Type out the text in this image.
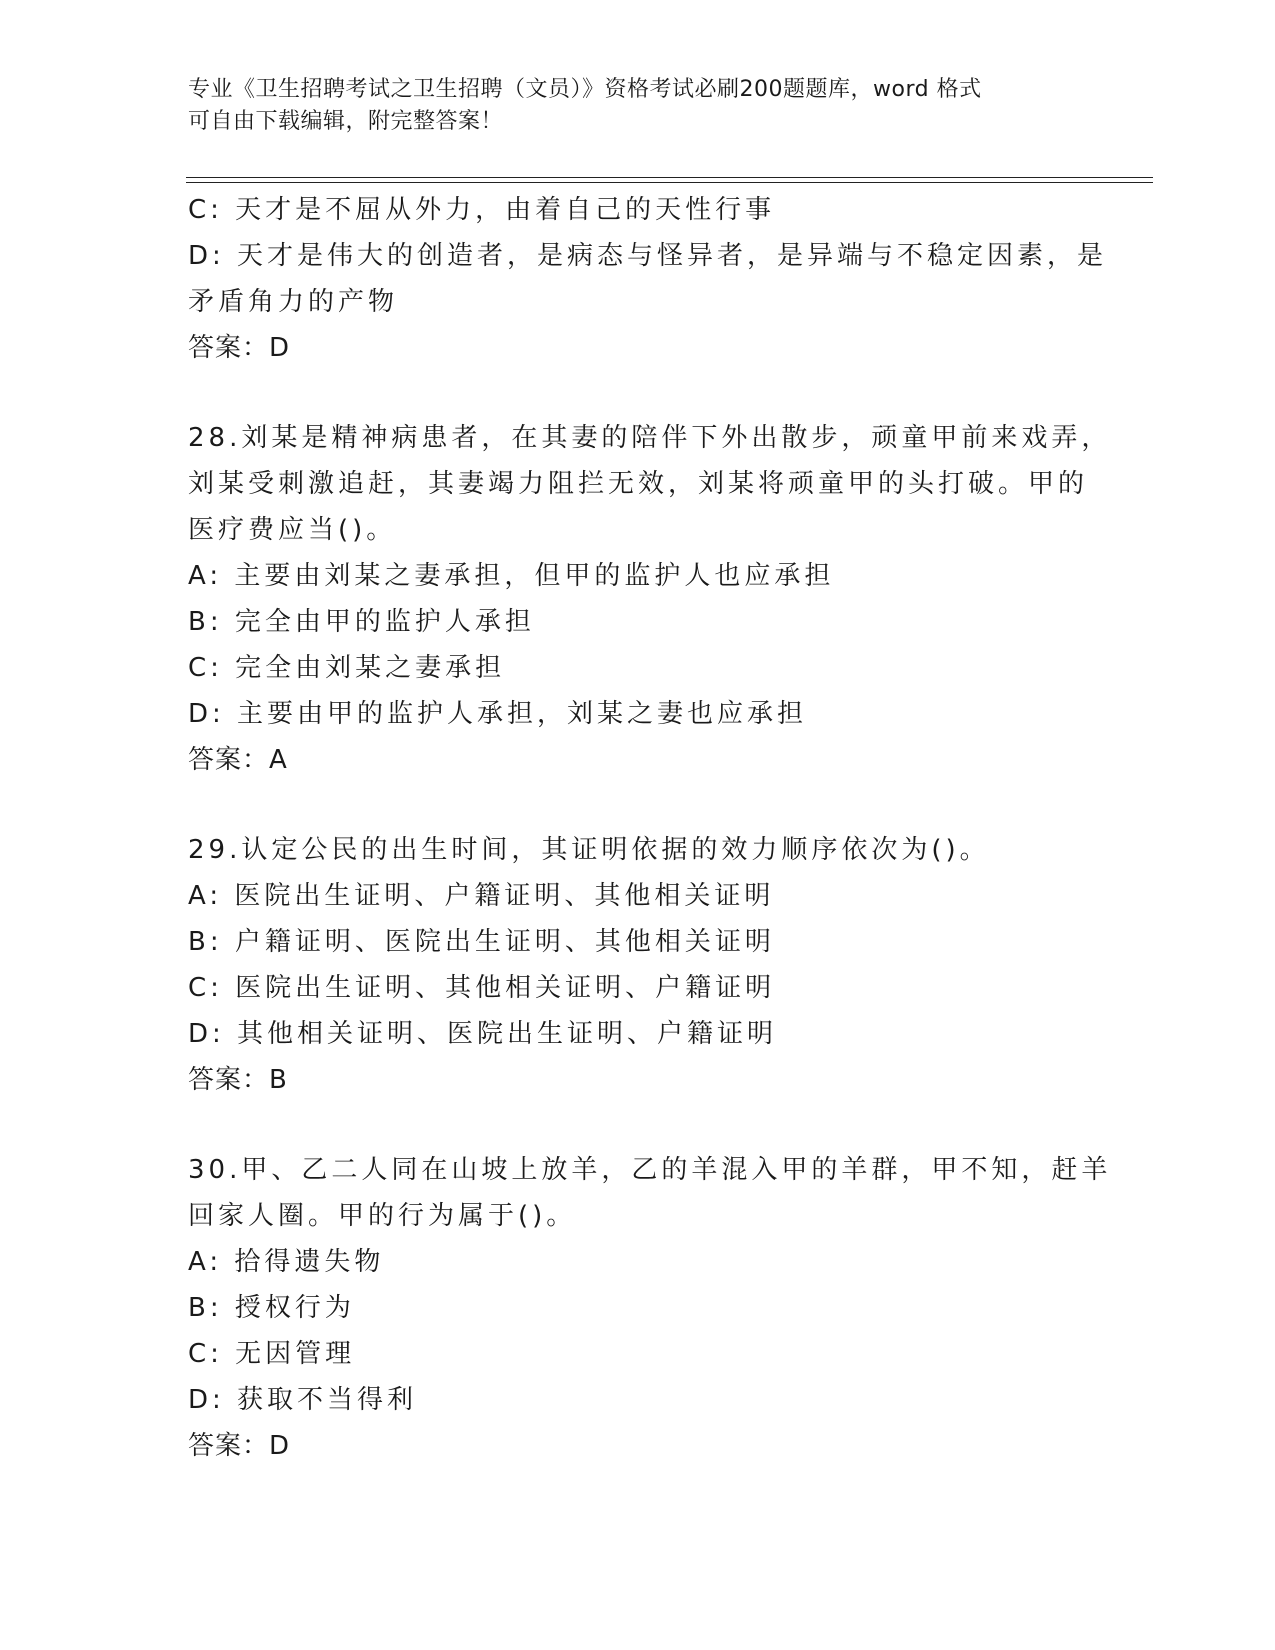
专业《卫生招聘考试之卫生招聘（文员）》资格考试必刷200题题库，word 格式
可自由下载编辑，附完整答案！
C: 天才是不屈从外力，由着自己的天性行事
D: 天才是伟大的创造者，是病态与怪异者，是异端与不稳定因素，是
矛盾角力的产物
答案：D
28.刘某是精神病患者，在其妻的陪伴下外出散步，顽童甲前来戏弄，
刘某受刺激追赶，其妻竭力阻拦无效，刘某将顽童甲的头打破。甲的
医疗费应当()。
A: 主要由刘某之妻承担，但甲的监护人也应承担
B: 完全由甲的监护人承担
C: 完全由刘某之妻承担
D: 主要由甲的监护人承担，刘某之妻也应承担
答案：A
29.认定公民的出生时间，其证明依据的效力顺序依次为()。
A: 医院出生证明、户籍证明、其他相关证明
B: 户籍证明、医院出生证明、其他相关证明
C: 医院出生证明、其他相关证明、户籍证明
D: 其他相关证明、医院出生证明、户籍证明
答案：B
30.甲、乙二人同在山坡上放羊，乙的羊混入甲的羊群，甲不知，赶羊
回家人圈。甲的行为属于()。
A: 拾得遗失物
B: 授权行为
C: 无因管理
D: 获取不当得利
答案：D
